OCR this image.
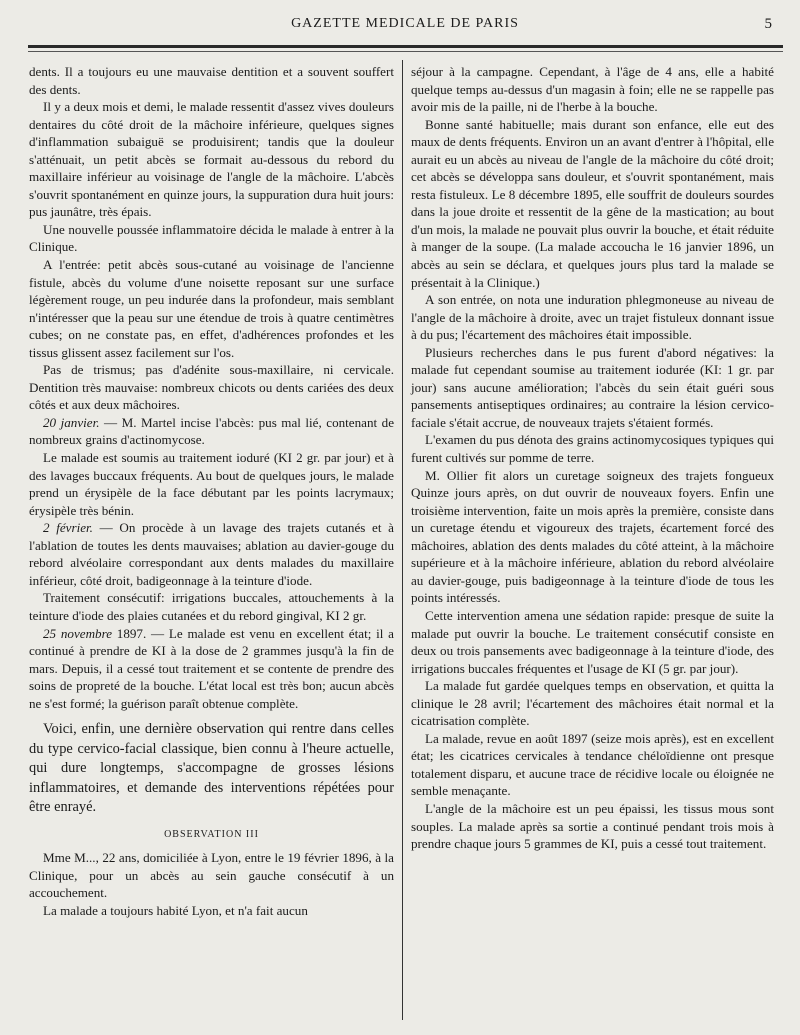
GAZETTE MEDICALE DE PARIS	5

dents. Il a toujours eu une mauvaise dentition et a souvent souffert des dents.

Il y a deux mois et demi, le malade ressentit d'assez vives douleurs dentaires du côté droit de la mâchoire inférieure, quelques signes d'inflammation subaiguë se produisirent; tandis que la douleur s'atténuait, un petit abcès se formait au-dessous du rebord du maxillaire inférieur au voisinage de l'angle de la mâchoire. L'abcès s'ouvrit spontanément en quinze jours, la suppuration dura huit jours: pus jaunâtre, très épais.

Une nouvelle poussée inflammatoire décida le malade à entrer à la Clinique.

A l'entrée: petit abcès sous-cutané au voisinage de l'ancienne fistule, abcès du volume d'une noisette reposant sur une surface légèrement rouge, un peu indurée dans la profondeur, mais semblant n'intéresser que la peau sur une étendue de trois à quatre centimètres cubes; on ne constate pas, en effet, d'adhérences profondes et les tissus glissent assez facilement sur l'os.

Pas de trismus; pas d'adénite sous-maxillaire, ni cervicale. Dentition très mauvaise: nombreux chicots ou dents cariées des deux côtés et aux deux mâchoires.

20 janvier. — M. Martel incise l'abcès: pus mal lié, contenant de nombreux grains d'actinomycose.

Le malade est soumis au traitement ioduré (KI 2 gr. par jour) et à des lavages buccaux fréquents. Au bout de quelques jours, le malade prend un érysipèle de la face débutant par les points lacrymaux; érysipèle très bénin.

2 février. — On procède à un lavage des trajets cutanés et à l'ablation de toutes les dents mauvaises; ablation au davier-gouge du rebord alvéolaire correspondant aux dents malades du maxillaire inférieur, côté droit, badigeonnage à la teinture d'iode.

Traitement consécutif: irrigations buccales, attouchements à la teinture d'iode des plaies cutanées et du rebord gingival, KI 2 gr.

25 novembre 1897. — Le malade est venu en excellent état; il a continué à prendre de KI à la dose de 2 grammes jusqu'à la fin de mars. Depuis, il a cessé tout traitement et se contente de prendre des soins de propreté de la bouche. L'état local est très bon; aucun abcès ne s'est formé; la guérison paraît obtenue complète.

Voici, enfin, une dernière observation qui rentre dans celles du type cervico-facial classique, bien connu à l'heure actuelle, qui dure longtemps, s'accompagne de grosses lésions inflammatoires, et demande des interventions répétées pour être enrayé.

OBSERVATION III

Mme M..., 22 ans, domiciliée à Lyon, entre le 19 février 1896, à la Clinique, pour un abcès au sein gauche consécutif à un accouchement.

La malade a toujours habité Lyon, et n'a fait aucun

séjour à la campagne. Cependant, à l'âge de 4 ans, elle a habité quelque temps au-dessus d'un magasin à foin; elle ne se rappelle pas avoir mis de la paille, ni de l'herbe à la bouche.

Bonne santé habituelle; mais durant son enfance, elle eut des maux de dents fréquents. Environ un an avant d'entrer à l'hôpital, elle aurait eu un abcès au niveau de l'angle de la mâchoire du côté droit; cet abcès se développa sans douleur, et s'ouvrit spontanément, mais resta fistuleux. Le 8 décembre 1895, elle souffrit de douleurs sourdes dans la joue droite et ressentit de la gêne de la mastication; au bout d'un mois, la malade ne pouvait plus ouvrir la bouche, et était réduite à manger de la soupe. (La malade accoucha le 16 janvier 1896, un abcès au sein se déclara, et quelques jours plus tard la malade se présentait à la Clinique.)

A son entrée, on nota une induration phlegmoneuse au niveau de l'angle de la mâchoire à droite, avec un trajet fistuleux donnant issue à du pus; l'écartement des mâchoires était impossible.

Plusieurs recherches dans le pus furent d'abord négatives: la malade fut cependant soumise au traitement iodurée (KI: 1 gr. par jour) sans aucune amélioration; l'abcès du sein était guéri sous pansements antiseptiques ordinaires; au contraire la lésion cervico-faciale s'était accrue, de nouveaux trajets s'étaient formés.

L'examen du pus dénota des grains actinomycosiques typiques qui furent cultivés sur pomme de terre.

M. Ollier fit alors un curetage soigneux des trajets fongueux Quinze jours après, on dut ouvrir de nouveaux foyers. Enfin une troisième intervention, faite un mois après la première, consiste dans un curetage étendu et vigoureux des trajets, écartement forcé des mâchoires, ablation des dents malades du côté atteint, à la mâchoire supérieure et à la mâchoire inférieure, ablation du rebord alvéolaire au davier-gouge, puis badigeonnage à la teinture d'iode de tous les points intéressés.

Cette intervention amena une sédation rapide: presque de suite la malade put ouvrir la bouche. Le traitement consécutif consiste en deux ou trois pansements avec badigeonnage à la teinture d'iode, des irrigations buccales fréquentes et l'usage de KI (5 gr. par jour).

La malade fut gardée quelques temps en observation, et quitta la clinique le 28 avril; l'écartement des mâchoires était normal et la cicatrisation complète.

La malade, revue en août 1897 (seize mois après), est en excellent état; les cicatrices cervicales à tendance chéloïdienne ont presque totalement disparu, et aucune trace de récidive locale ou éloignée ne semble menaçante.

L'angle de la mâchoire est un peu épaissi, les tissus mous sont souples. La malade après sa sortie a continué pendant trois mois à prendre chaque jours 5 grammes de KI, puis a cessé tout traitement.
